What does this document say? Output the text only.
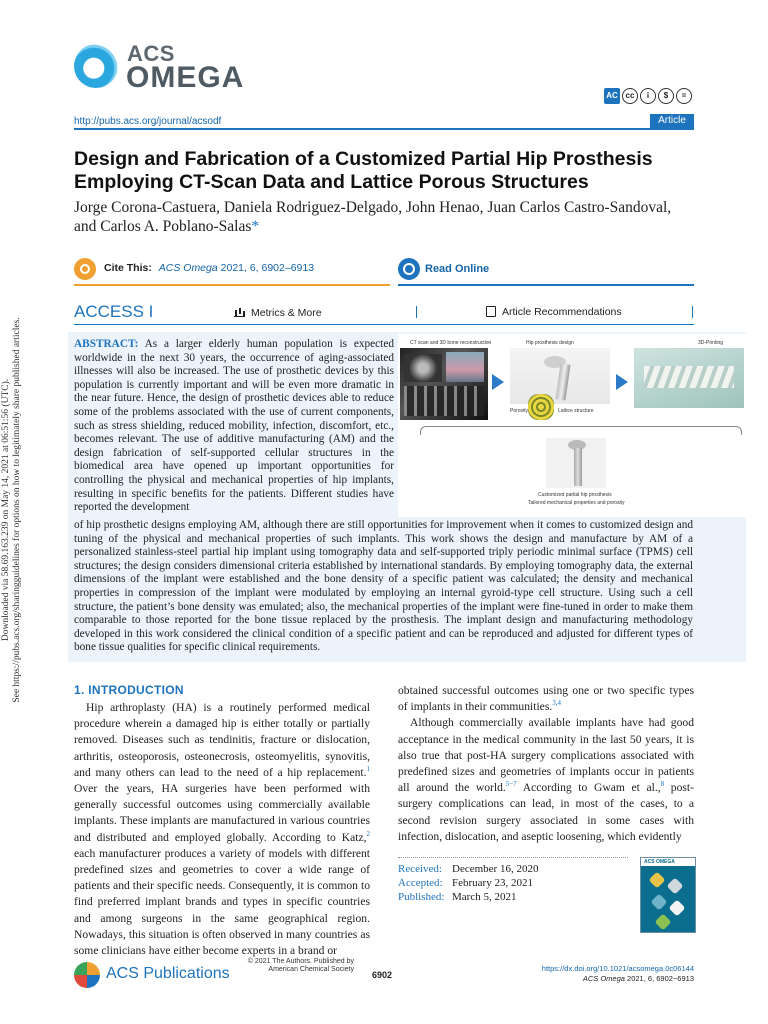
Downloaded via 58.69.163.239 on May 14, 2021 at 06:51:56 (UTC). See https://pubs.acs.org/sharingguidelines for options on how to legitimately share published articles.
ACS
OMEGA
AC cc	i	$	=
http://pubs.acs.org/journal/acsodf	Article
Design and Fabrication of a Customized Partial Hip Prosthesis Employing CT-Scan Data and Lattice Porous Structures
Jorge Corona-Castuera, Daniela Rodriguez-Delgado, John Henao, Juan Carlos Castro-Sandoval, and Carlos A. Poblano-Salas*
Cite This: ACS Omega 2021, 6, 6902–6913	Read Online
ACCESS I	Metrics & More	Article Recommendations
ABSTRACT: As a larger elderly human population is expected worldwide in the next 30 years, the occurrence of aging-associated illnesses will also be increased. The use of prosthetic devices by this population is currently important and will be even more dramatic in the near future. Hence, the design of prosthetic devices able to reduce some of the problems associated with the use of current components, such as stress shielding, reduced mobility, infection, discomfort, etc., becomes relevant. The use of additive manufacturing (AM) and the design fabrication of self-supported cellular structures in the biomedical area have opened up important opportunities for controlling the physical and mechanical properties of hip implants, resulting in specific benefits for the patients. Different studies have reported the development
CT scan and 3D bone reconstruction	Hip prosthesis design	3D-Printing
Porosity	Lattice structure
Customized partial hip prosthesis
Tailored mechanical properties and porosity
of hip prosthetic designs employing AM, although there are still opportunities for improvement when it comes to customized design and tuning of the physical and mechanical properties of such implants. This work shows the design and manufacture by AM of a personalized stainless-steel partial hip implant using tomography data and self-supported triply periodic minimal surface (TPMS) cell structures; the design considers dimensional criteria established by international standards. By employing tomography data, the external dimensions of the implant were established and the bone density of a specific patient was calculated; the density and mechanical properties in compression of the implant were modulated by employing an internal gyroid-type cell structure. Using such a cell structure, the patient’s bone density was emulated; also, the mechanical properties of the implant were fine-tuned in order to make them comparable to those reported for the bone tissue replaced by the prosthesis. The implant design and manufacturing methodology developed in this work considered the clinical condition of a specific patient and can be reproduced and adjusted for different types of bone tissue qualities for specific clinical requirements.
1. INTRODUCTION

Hip arthroplasty (HA) is a routinely performed medical procedure wherein a damaged hip is either totally or partially removed. Diseases such as tendinitis, fracture or dislocation, arthritis, osteoporosis, osteonecrosis, osteomyelitis, synovitis, and many others can lead to the need of a hip replacement.$^1$ Over the years, HA surgeries have been performed with generally successful outcomes using commercially available implants. These implants are manufactured in various countries and distributed and employed globally. According to Katz,$^2$ each manufacturer produces a variety of models with different predefined sizes and geometries to cover a wide range of patients and their specific needs. Consequently, it is common to find preferred implant brands and types in specific countries and among surgeons in the same geographical region. Nowadays, this situation is often observed in many countries as some clinicians have either become experts in a brand or

obtained successful outcomes using one or two specific types of implants in their communities.$^{3,4}$

Although commercially available implants have had good acceptance in the medical community in the last 50 years, it is also true that post-HA surgery complications associated with predefined sizes and geometries of implants occur in patients all around the world.$^{5-7}$ According to Gwam et al.,$^8$ post-surgery complications can lead, in most of the cases, to a second revision surgery associated in some cases with infection, dislocation, and aseptic loosening, which evidently

Received: December 16, 2020
Accepted: February 23, 2021
Published: March 5, 2021
ACS OMEGA
ACS Publications
© 2021 The Authors. Published by American Chemical Society
6902
https://dx.doi.org/10.1021/acsomega.0c06144
ACS Omega 2021, 6, 6902−6913
